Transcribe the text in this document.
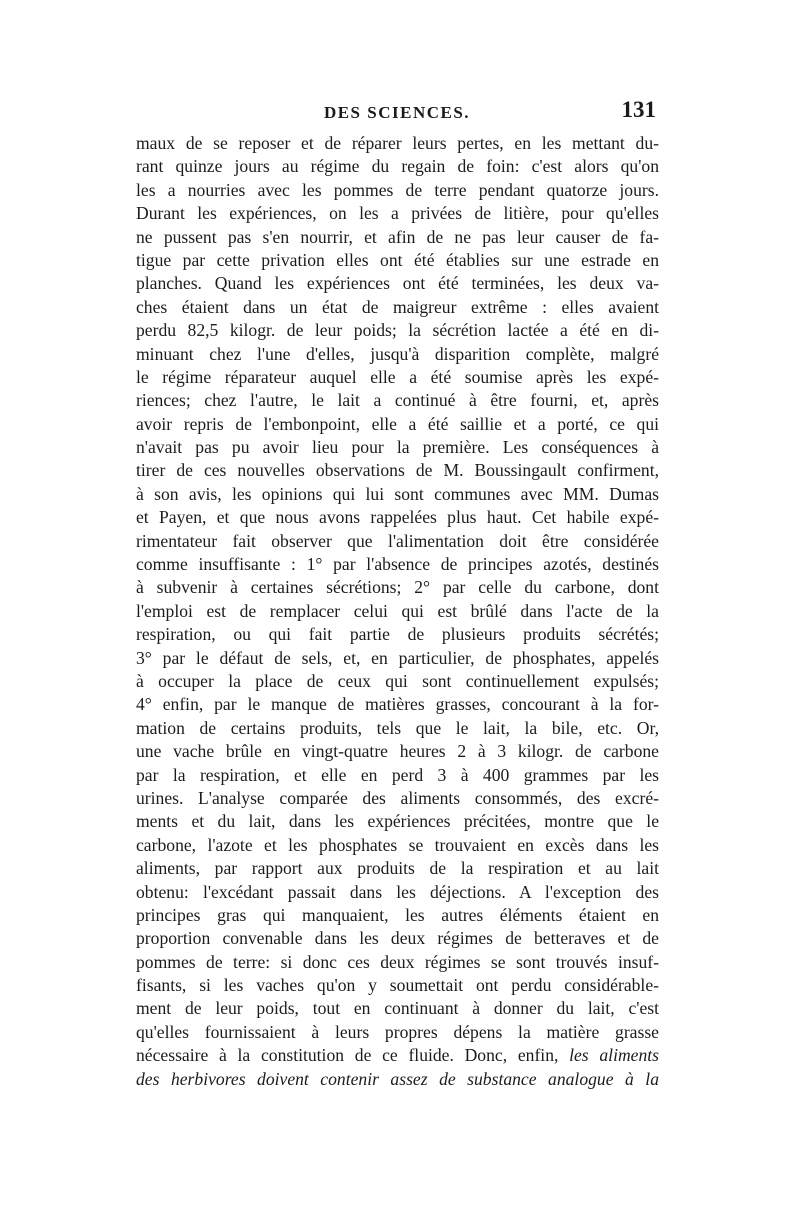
DES SCIENCES.	131
maux de se reposer et de réparer leurs pertes, en les mettant du-
rant quinze jours au régime du regain de foin: c'est alors qu'on
les a nourries avec les pommes de terre pendant quatorze jours.
Durant les expériences, on les a privées de litière, pour qu'elles
ne pussent pas s'en nourrir, et afin de ne pas leur causer de fa-
tigue par cette privation elles ont été établies sur une estrade en
planches. Quand les expériences ont été terminées, les deux va-
ches étaient dans un état de maigreur extrême : elles avaient
perdu 82,5 kilogr. de leur poids; la sécrétion lactée a été en di-
minuant chez l'une d'elles, jusqu'à disparition complète, malgré
le régime réparateur auquel elle a été soumise après les expé-
riences; chez l'autre, le lait a continué à être fourni, et, après
avoir repris de l'embonpoint, elle a été saillie et a porté, ce qui
n'avait pas pu avoir lieu pour la première. Les conséquences à
tirer de ces nouvelles observations de M. Boussingault confirment,
à son avis, les opinions qui lui sont communes avec MM. Dumas
et Payen, et que nous avons rappelées plus haut. Cet habile expé-
rimentateur fait observer que l'alimentation doit être considérée
comme insuffisante : 1° par l'absence de principes azotés, destinés
à subvenir à certaines sécrétions; 2° par celle du carbone, dont
l'emploi est de remplacer celui qui est brûlé dans l'acte de la
respiration, ou qui fait partie de plusieurs produits sécrétés;
3° par le défaut de sels, et, en particulier, de phosphates, appelés
à occuper la place de ceux qui sont continuellement expulsés;
4° enfin, par le manque de matières grasses, concourant à la for-
mation de certains produits, tels que le lait, la bile, etc. Or,
une vache brûle en vingt-quatre heures 2 à 3 kilogr. de carbone
par la respiration, et elle en perd 3 à 400 grammes par les
urines. L'analyse comparée des aliments consommés, des excré-
ments et du lait, dans les expériences précitées, montre que le
carbone, l'azote et les phosphates se trouvaient en excès dans les
aliments, par rapport aux produits de la respiration et au lait
obtenu: l'excédant passait dans les déjections. A l'exception des
principes gras qui manquaient, les autres éléments étaient en
proportion convenable dans les deux régimes de betteraves et de
pommes de terre: si donc ces deux régimes se sont trouvés insuf-
fisants, si les vaches qu'on y soumettait ont perdu considérable-
ment de leur poids, tout en continuant à donner du lait, c'est
qu'elles fournissaient à leurs propres dépens la matière grasse
nécessaire à la constitution de ce fluide. Donc, enfin, les aliments
des herbivores doivent contenir assez de substance analogue à la
